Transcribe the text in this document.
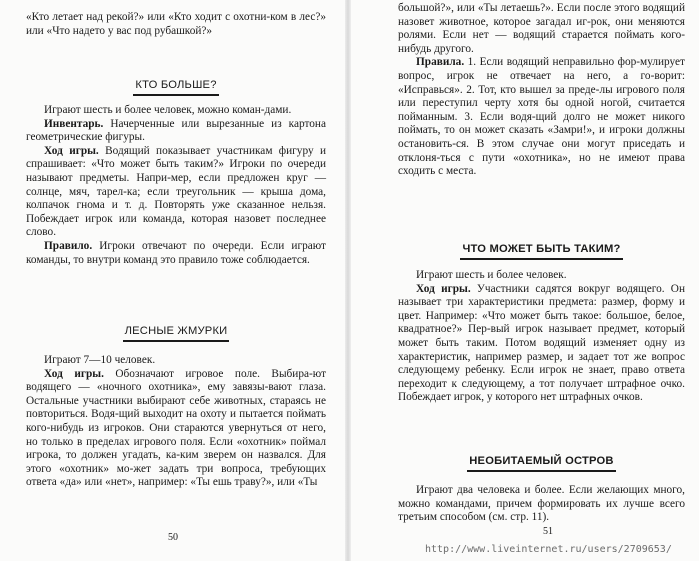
«Кто летает над рекой?» или «Кто ходит с охотни-ком в лес?» или «Что надето у вас под рубашкой?»

КТО БОЛЬШЕ?

Играют шесть и более человек, можно коман-дами.

Инвентарь. Начерченные или вырезанные из картона геометрические фигуры.

Ход игры. Водящий показывает участникам фигуру и спрашивает: «Что может быть таким?» Игроки по очереди называют предметы. Напри-мер, если предложен круг — солнце, мяч, тарел-ка; если треугольник — крыша дома, колпачок гнома и т. д. Повторять уже сказанное нельзя. Побеждает игрок или команда, которая назовет последнее слово.

Правило. Игроки отвечают по очереди. Если играют команды, то внутри команд это правило тоже соблюдается.

ЛЕСНЫЕ ЖМУРКИ

Играют 7—10 человек.

Ход игры. Обозначают игровое поле. Выбира-ют водящего — «ночного охотника», ему завязы-вают глаза. Остальные участники выбирают себе животных, стараясь не повториться. Водя-щий выходит на охоту и пытается поймать кого-нибудь из игроков. Они стараются увернуться от него, но только в пределах игрового поля. Если «охотник» поймал игрока, то должен угадать, ка-ким зверем он назвался. Для этого «охотник» мо-жет задать три вопроса, требующих ответа «да» или «нет», например: «Ты ешь траву?», или «Ты

50

большой?», или «Ты летаешь?». Если после этого водящий назовет животное, которое загадал иг-рок, они меняются ролями. Если нет — водящий старается поймать кого-нибудь другого.

Правила. 1. Если водящий неправильно фор-мулирует вопрос, игрок не отвечает на него, а го-ворит: «Исправься». 2. Тот, кто вышел за преде-лы игрового поля или переступил черту хотя бы одной ногой, считается пойманным. 3. Если водя-щий долго не может никого поймать, то он может сказать «Замри!», и игроки должны остановить-ся. В этом случае они могут приседать и отклоня-ться с пути «охотника», но не имеют права сходить с места.

ЧТО МОЖЕТ БЫТЬ ТАКИМ?

Играют шесть и более человек.

Ход игры. Участники садятся вокруг водящего. Он называет три характеристики предмета: размер, форму и цвет. Например: «Что может быть такое: большое, белое, квадратное?» Пер-вый игрок называет предмет, который может быть таким. Потом водящий изменяет одну из характеристик, например размер, и задает тот же вопрос следующему ребенку. Если игрок не знает, право ответа переходит к следующему, а тот получает штрафное очко. Побеждает игрок, у которого нет штрафных очков.

НЕОБИТАЕМЫЙ ОСТРОВ

Играют два человека и более. Если желающих много, можно командами, причем формировать их лучше всего третьим способом (см. стр. 11).

51
http://www.liveinternet.ru/users/2709653/
